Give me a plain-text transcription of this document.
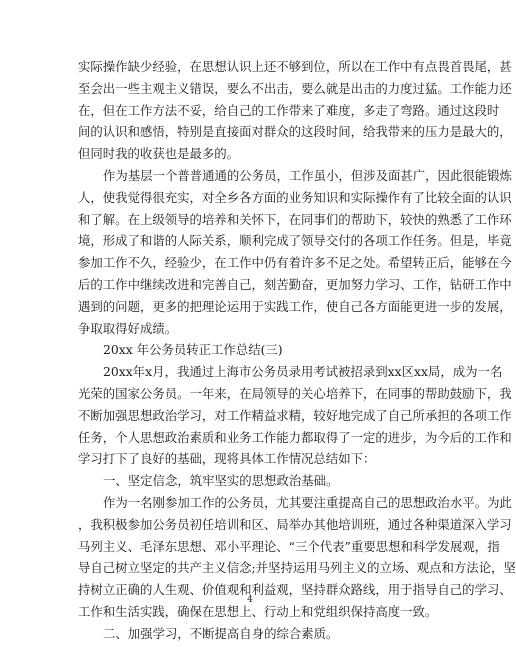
实 际 操 作 缺 少 经 验 ， 在 思 想 认 识 上 还 不 够 到 位 ， 所 以 在 工 作 中 有 点 畏 首 畏 尾 ， 甚
至 会 出 一 些 主 观 主 义 错 误 ， 要 么 不 出 击 ， 要 么 就 是 出 击 的 力 度 过 猛 。 工 作 能 力 还
在 ， 但 在 工 作 方 法 不 妥 ， 给 自 己 的 工 作 带 来 了 难 度 ， 多 走 了 弯 路 。 通 过 这 段 时
间 的 认 识 和 感 悟 ， 特 别 是 直 接 面 对 群 众 的 这 段 时 间 ， 给 我 带 来 的 压 力 是 最 大 的 ，
但同时我的收获也是最多的。
作 为 基 层 一 个 普 普 通 通 的 公 务 员 ， 工 作 虽 小 ， 但 涉 及 面 甚 广 ， 因 此 很 能 锻 炼
人 ， 使 我 觉 得 很 充 实 ， 对 全 乡 各 方 面 的 业 务 知 识 和 实 际 操 作 有 了 比 较 全 面 的 认 识
和 了 解 。 在 上 级 领 导 的 培 养 和 关 怀 下 ， 在 同 事 们 的 帮 助 下 ， 较 快 的 熟 悉 了 工 作 环
境 ， 形 成 了 和 谐 的 人 际 关 系 ， 顺 利 完 成 了 领 导 交 付 的 各 项 工 作 任 务 。 但 是 ， 毕 竟
参 加 工 作 不 久 ， 经 验 少 ， 在 工 作 中 仍 有 着 许 多 不 足 之 处 。 希 望 转 正 后 ， 能 够 在 今
后 的 工 作 中 继 续 改 进 和 完 善 自 己 ， 刻 苦 勤 奋 ， 更 加 努 力 学 习 、 工 作 ， 钻 研 工 作 中
遇 到 的 问 题 ， 更 多 的 把 理 论 运 用 于 实 践 工 作 ， 使 自 己 各 方 面 能 更 进 一 步 的 发 展 ，
争取取得好成绩。
20xx 年公务员转正工作总结(三)
2 0 x x 年 x 月 ， 我 通 过 上 海 市 公 务 员 录 用 考 试 被 招 录 到 x x 区 x x 局 ， 成 为 一 名
光 荣 的 国 家 公 务 员 。 一 年 来 ， 在 局 领 导 的 关 心 培 养 下 ， 在 同 事 的 帮 助 鼓 励 下 ， 我
不 断 加 强 思 想 政 治 学 习 ， 对 工 作 精 益 求 精 ， 较 好 地 完 成 了 自 己 所 承 担 的 各 项 工 作
任 务 ， 个 人 思 想 政 治 素 质 和 业 务 工 作 能 力 都 取 得 了 一 定 的 进 步 ， 为 今 后 的 工 作 和
学习打下了良好的基础，现将具体工作情况总结如下：
一、坚定信念，筑牢坚实的思想政治基础。
作 为 一 名 刚 参 加 工 作 的 公 务 员 ， 尤 其 要 注 重 提 高 自 己 的 思 想 政 治 水 平 。 为 此
， 我 积 极 参 加 公 务 员 初 任 培 训 和 区 、 局 举 办 其 他 培 训 班 ， 通 过 各 种 渠 道 深 入 学 习
马 列 主 义 、 毛 泽 东 思 想 、 邓 小 平 理 论 、 “ 三 个 代 表 ” 重 要 思 想 和 科 学 发 展 观 ， 指
导 自 己 树 立 坚 定 的 共 产 主 义 信 念 ; 并 坚 持 运 用 马 列 主 义 的 立 场 、 观 点 和 方 法 论 ， 坚
持 树 立 正 确 的 人 生 观 、 价 值 观 和 利 益 观 ， 坚 持 群 众 路 线 ， 用 于 指 导 自 己 的 学 习 、
工作和生活实践，确保在思想上、行动上和党组织保持高度一致。
二、加强学习，不断提高自身的综合素质。
4
